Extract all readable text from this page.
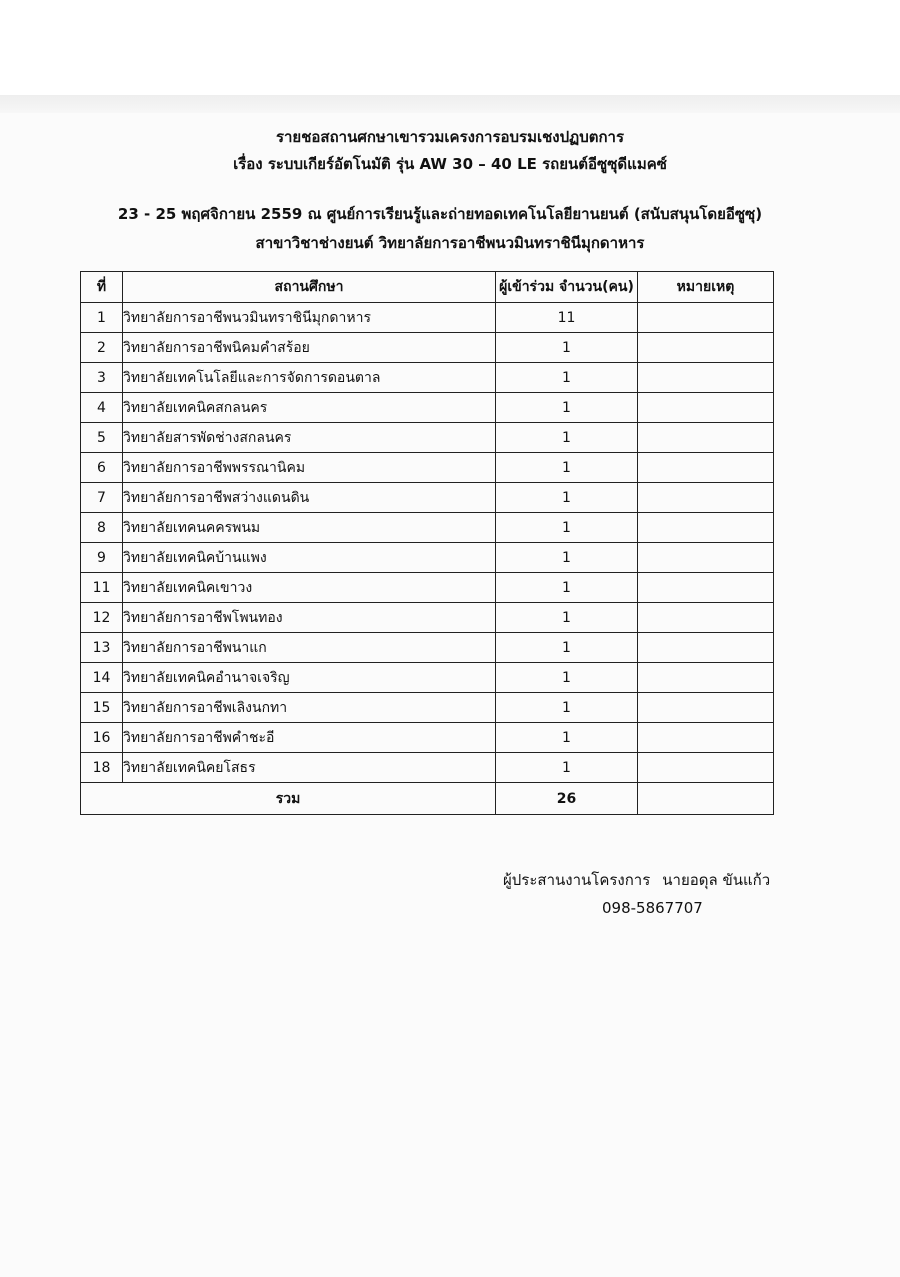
รายชอสถานศกษาเขารวมเครงการอบรมเชงปฏบตการ
เรื่อง ระบบเกียร์อัตโนมัติ รุ่น AW 30 – 40 LE รถยนต์อีซูซุดีแมคซ์
23 - 25 พฤศจิกายน 2559 ณ ศูนย์การเรียนรู้และถ่ายทอดเทคโนโลยียานยนต์ (สนับสนุนโดยอีซูซุ)
สาขาวิชาช่างยนต์ วิทยาลัยการอาชีพนวมินทราชินีมุกดาหาร
ที่	สถานศึกษา	ผู้เข้าร่วม จำนวน(คน)	หมายเหตุ
1	วิทยาลัยการอาชีพนวมินทราชินีมุกดาหาร	11	
2	วิทยาลัยการอาชีพนิคมคำสร้อย	1	
3	วิทยาลัยเทคโนโลยีและการจัดการดอนตาล	1	
4	วิทยาลัยเทคนิคสกลนคร	1	
5	วิทยาลัยสารพัดช่างสกลนคร	1	
6	วิทยาลัยการอาชีพพรรณานิคม	1	
7	วิทยาลัยการอาชีพสว่างแดนดิน	1	
8	วิทยาลัยเทคนคครพนม	1	
9	วิทยาลัยเทคนิคบ้านแพง	1	
11	วิทยาลัยเทคนิคเขาวง	1	
12	วิทยาลัยการอาชีพโพนทอง	1	
13	วิทยาลัยการอาชีพนาแก	1	
14	วิทยาลัยเทคนิคอำนาจเจริญ	1	
15	วิทยาลัยการอาชีพเลิงนกทา	1	
16	วิทยาลัยการอาชีพคำชะอี	1	
18	วิทยาลัยเทคนิคยโสธร	1	
รวม		26	
ผู้ประสานงานโครงการ นายอดุล ขันแก้ว
098-5867707
